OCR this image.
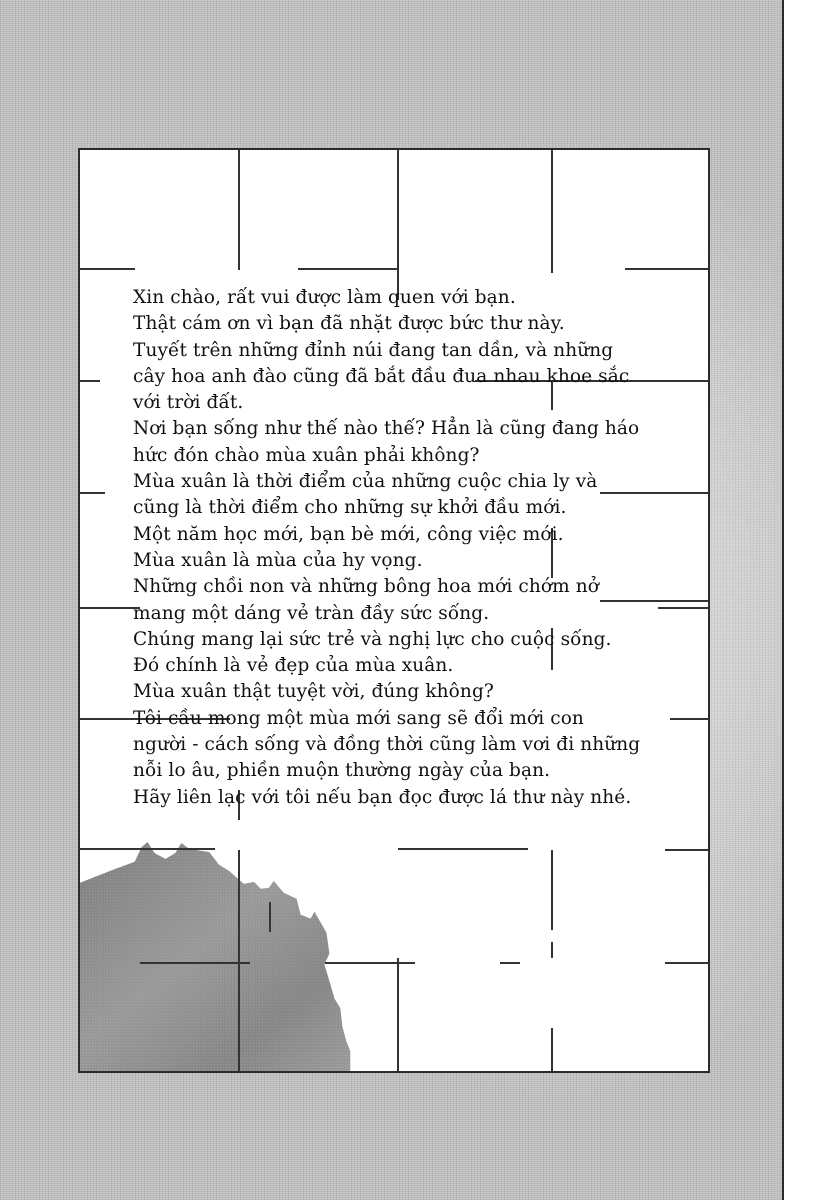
Xin chào, rất vui được làm quen với bạn.
Thật cám ơn vì bạn đã nhặt được bức thư này.
Tuyết trên những đỉnh núi đang tan dần, và những
cây hoa anh đào cũng đã bắt đầu đua nhau khoe sắc
với trời đất.
Nơi bạn sống như thế nào thế? Hẳn là cũng đang háo
hức đón chào mùa xuân phải không?
Mùa xuân là thời điểm của những cuộc chia ly và
cũng là thời điểm cho những sự khởi đầu mới.
Một năm học mới, bạn bè mới, công việc mới.
Mùa xuân là mùa của hy vọng.
Những chồi non và những bông hoa mới chớm nở
mang một dáng vẻ tràn đầy sức sống.
Chúng mang lại sức trẻ và nghị lực cho cuộc sống.
Đó chính là vẻ đẹp của mùa xuân.
Mùa xuân thật tuyệt vời, đúng không?
Tôi cầu mong một mùa mới sang sẽ đổi mới con
người - cách sống và đồng thời cũng làm vơi đi những
nỗi lo âu, phiền muộn thường ngày của bạn.
Hãy liên lạc với tôi nếu bạn đọc được lá thư này nhé.
